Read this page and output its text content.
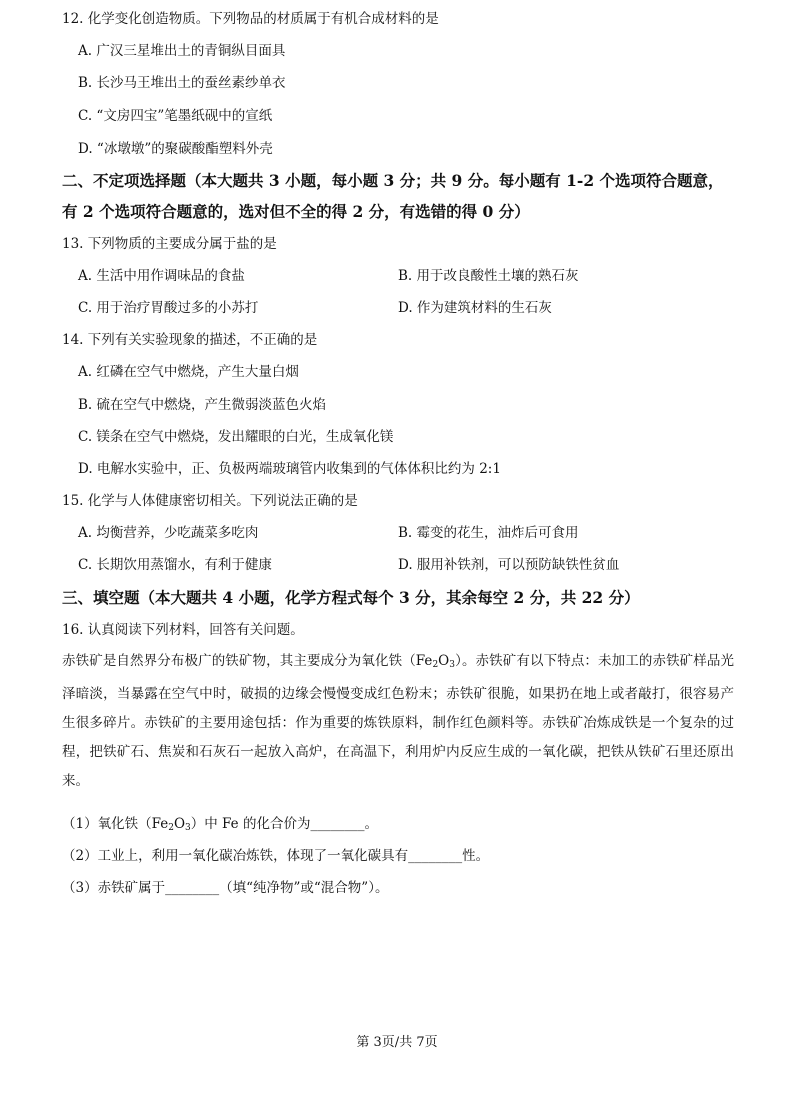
12. 化学变化创造物质。下列物品的材质属于有机合成材料的是
A. 广汉三星堆出土的青铜纵目面具
B. 长沙马王堆出土的蚕丝素纱单衣
C. “文房四宝”笔墨纸砚中的宣纸
D. “冰墩墩”的聚碳酸酯塑料外壳
二、不定项选择题（本大题共 3 小题，每小题 3 分；共 9 分。每小题有 1-2 个选项符合题意，
有 2 个选项符合题意的，选对但不全的得 2 分，有选错的得 0 分）
13. 下列物质的主要成分属于盐的是
A. 生活中用作调味品的食盐	B. 用于改良酸性土壤的熟石灰
C. 用于治疗胃酸过多的小苏打	D. 作为建筑材料的生石灰
14. 下列有关实验现象的描述，不正确的是
A. 红磷在空气中燃烧，产生大量白烟
B. 硫在空气中燃烧，产生微弱淡蓝色火焰
C. 镁条在空气中燃烧，发出耀眼的白光，生成氧化镁
D. 电解水实验中，正、负极两端玻璃管内收集到的气体体积比约为 2:1
15. 化学与人体健康密切相关。下列说法正确的是
A. 均衡营养，少吃蔬菜多吃肉	B. 霉变的花生，油炸后可食用
C. 长期饮用蒸馏水，有利于健康	D. 服用补铁剂，可以预防缺铁性贫血
三、填空题（本大题共 4 小题，化学方程式每个 3 分，其余每空 2 分，共 22 分）
16. 认真阅读下列材料，回答有关问题。
赤铁矿是自然界分布极广的铁矿物，其主要成分为氧化铁$(Fe_2O_3)$。赤铁矿有以下特点：未加工的赤铁矿样品光泽暗淡，当暴露在空气中时，破损的边缘会慢慢变成红色粉末；赤铁矿很脆，如果扔在地上或者敲打，很容易产生很多碎片。赤铁矿的主要用途包括：作为重要的炼铁原料，制作红色颜料等。赤铁矿冶炼成铁是一个复杂的过程，把铁矿石、焦炭和石灰石一起放入高炉，在高温下，利用炉内反应生成的一氧化碳，把铁从铁矿石里还原出来。
（1）氧化铁$(Fe_2O_3)$中 Fe 的化合价为________。
（2）工业上，利用一氧化碳冶炼铁，体现了一氧化碳具有________性。
（3）赤铁矿属于________（填“纯净物”或“混合物”）。
第 3页/共 7页
